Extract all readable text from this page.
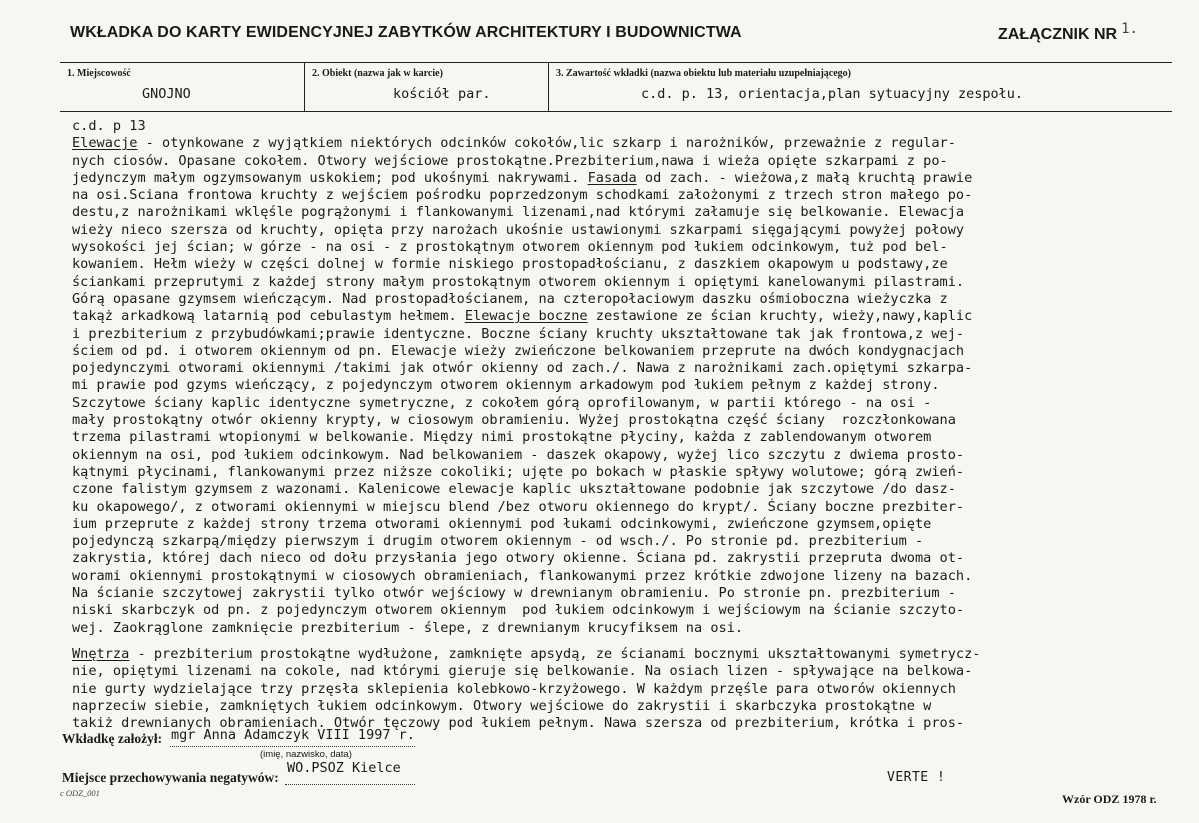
WKŁADKA DO KARTY EWIDENCYJNEJ ZABYTKÓW ARCHITEKTURY I BUDOWNICTWA	ZAŁĄCZNIK NR 1.
1. Miejscowość
GNOJNO
2. Obiekt (nazwa jak w karcie)
kościół par.
3. Zawartość wkładki (nazwa obiektu lub materiału uzupełniającego)
c.d. p. 13, orientacja,plan sytuacyjny zespołu.
c.d. p 13
Elewacje - otynkowane z wyjątkiem niektórych odcinków cokołów,lic szkarp i narożników, przeważnie z regular-
nych ciosów. Opasane cokołem. Otwory wejściowe prostokątne.Prezbiterium,nawa i wieża opięte szkarpami z po-
jedynczym małym ogzymsowanym uskokiem; pod ukośnymi nakrywami. Fasada od zach. - wieżowa,z małą kruchtą prawie
na osi.Sciana frontowa kruchty z wejściem pośrodku poprzedzonym schodkami założonymi z trzech stron małego po-
destu,z narożnikami wklęśle pogrążonymi i flankowanymi lizenami,nad którymi załamuje się belkowanie. Elewacja
wieży nieco szersza od kruchty, opięta przy narożach ukośnie ustawionymi szkarpami sięgającymi powyżej połowy
wysokości jej ścian; w górze - na osi - z prostokątnym otworem okiennym pod łukiem odcinkowym, tuż pod bel-
kowaniem. Hełm wieży w części dolnej w formie niskiego prostopadłościanu, z daszkiem okapowym u podstawy,ze
ściankami przeprutymi z każdej strony małym prostokątnym otworem okiennym i opiętymi kanelowanymi pilastrami.
Górą opasane gzymsem wieńczącym. Nad prostopadłościanem, na czteropołaciowym daszku ośmioboczna wieżyczka z
takąż arkadkową latarnią pod cebulastym hełmem. Elewacje boczne zestawione ze ścian kruchty, wieży,nawy,kaplic
i prezbiterium z przybudówkami;prawie identyczne. Boczne ściany kruchty ukształtowane tak jak frontowa,z wej-
ściem od pd. i otworem okiennym od pn. Elewacje wieży zwieńczone belkowaniem przeprute na dwóch kondygnacjach
pojedynczymi otworami okiennymi /takimi jak otwór okienny od zach./. Nawa z narożnikami zach.opiętymi szkarpa-
mi prawie pod gzyms wieńczący, z pojedynczym otworem okiennym arkadowym pod łukiem pełnym z każdej strony.
Szczytowe ściany kaplic identyczne symetryczne, z cokołem górą oprofilowanym, w partii którego - na osi -
mały prostokątny otwór okienny krypty, w ciosowym obramieniu. Wyżej prostokątna część ściany  rozczłonkowana
trzema pilastrami wtopionymi w belkowanie. Między nimi prostokątne płyciny, każda z zablendowanym otworem
okiennym na osi, pod łukiem odcinkowym. Nad belkowaniem - daszek okapowy, wyżej lico szczytu z dwiema prosto-
kątnymi płycinami, flankowanymi przez niższe cokoliki; ujęte po bokach w płaskie spływy wolutowe; górą zwień-
czone falistym gzymsem z wazonami. Kalenicowe elewacje kaplic ukształtowane podobnie jak szczytowe /do dasz-
ku okapowego/, z otworami okiennymi w miejscu blend /bez otworu okiennego do krypt/. Ściany boczne prezbiter-
ium przeprute z każdej strony trzema otworami okiennymi pod łukami odcinkowymi, zwieńczone gzymsem,opięte
pojedynczą szkarpą/między pierwszym i drugim otworem okiennym - od wsch./. Po stronie pd. prezbiterium -
zakrystia, której dach nieco od dołu przysłania jego otwory okienne. Ściana pd. zakrystii przepruta dwoma ot-
worami okiennymi prostokątnymi w ciosowych obramieniach, flankowanymi przez krótkie zdwojone lizeny na bazach.
Na ścianie szczytowej zakrystii tylko otwór wejściowy w drewnianym obramieniu. Po stronie pn. prezbiterium -
niski skarbczyk od pn. z pojedynczym otworem okiennym  pod łukiem odcinkowym i wejściowym na ścianie szczyto-
wej. Zaokrąglone zamknięcie prezbiterium - ślepe, z drewnianym krucyfiksem na osi.
Wnętrza - prezbiterium prostokątne wydłużone, zamknięte apsydą, ze ścianami bocznymi ukształtowanymi symetrycz-
nie, opiętymi lizenami na cokole, nad którymi gieruje się belkowanie. Na osiach lizen - spływające na belkowa-
nie gurty wydzielające trzy przęsła sklepienia kolebkowo-krzyżowego. W każdym przęśle para otworów okiennych
naprzeciw siebie, zamkniętych łukiem odcinkowym. Otwory wejściowe do zakrystii i skarbczyka prostokątne w
takiż drewnianych obramieniach. Otwór tęczowy pod łukiem pełnym. Nawa szersza od prezbiterium, krótka i pros-
Wkładkę założył: mgr Anna Adamczyk VIII 1997 r.
(imię, nazwisko, data)
Miejsce przechowywania negatywów:
WO.PSOZ Kielce
VERTE !
c ODZ_001	Wzór ODZ 1978 r.
